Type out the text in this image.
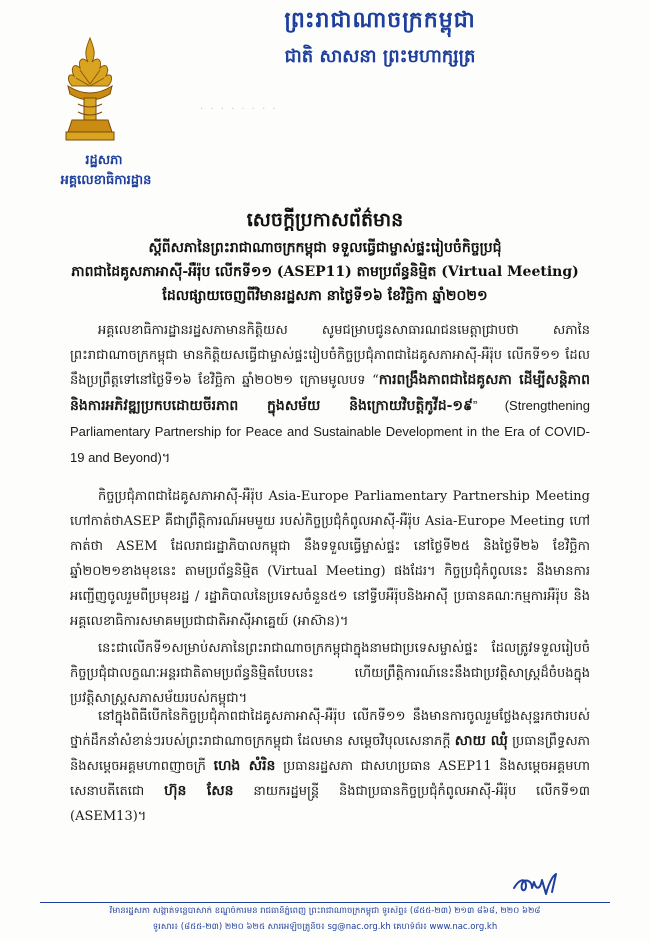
ព្រះរាជាណាចក្រកម្ពុជា
ជាតិ សាសនា ព្រះមហាក្សត្រ
· · · · · · · ·
រដ្ឋសភា
អគ្គលេខាធិការដ្ឋាន
សេចក្ដីប្រកាសព័ត៌មាន
ស្ដីពីសភានៃព្រះរាជាណាចក្រកម្ពុជា ទទួលធ្វើជាម្ចាស់ផ្ទះរៀបចំកិច្ចប្រជុំ
ភាពជាដៃគូសភាអាស៊ី-អឺរ៉ុប លើកទី១១ (ASEP11) តាមប្រព័ន្ធនិម្មិត (Virtual Meeting)
ដែលផ្សាយចេញពីវិមានរដ្ឋសភា នាថ្ងៃទី១៦ ខែវិច្ឆិកា ឆ្នាំ២០២១
អគ្គលេខាធិការដ្ឋានរដ្ឋសភាមានកិត្តិយស សូមជម្រាបជូនសាធារណជនមេត្តាជ្រាបថា សភានៃព្រះរាជាណាចក្រកម្ពុជា មានកិត្តិយសធ្វើជាម្ចាស់ផ្ទះរៀបចំកិច្ចប្រជុំភាពជាដៃគូសភាអាស៊ី-អឺរ៉ុប លើកទី១១ ដែលនឹងប្រព្រឹត្តទៅនៅថ្ងៃទី១៦ ខែវិច្ឆិកា ឆ្នាំ២០២១ ក្រោមមូលបទ “ការពង្រឹងភាពជាដៃគូសភា ដើម្បីសន្តិភាព និងការអភិវឌ្ឍប្រកបដោយចីរភាព ក្នុងសម័យ និងក្រោយវិបត្តិកូវីដ-១៩” (Strengthening Parliamentary Partnership for Peace and Sustainable Development in the Era of COVID-19 and Beyond)។
កិច្ចប្រជុំភាពជាដៃគូសភាអាស៊ី-អឺរ៉ុប Asia-Europe Parliamentary Partnership Meeting ហៅកាត់ថាASEP គឺជាព្រឹត្តិការណ៍អមមួយ របស់កិច្ចប្រជុំកំពូលអាស៊ី-អឺរ៉ុប Asia-Europe Meeting ហៅកាត់ថា ASEM ដែលរាជរដ្ឋាភិបាលកម្ពុជា នឹងទទួលធ្វើម្ចាស់ផ្ទះ នៅថ្ងៃទី២៥ និងថ្ងៃទី២៦ ខែវិច្ឆិកា ឆ្នាំ២០២១ខាងមុខនេះ តាមប្រព័ន្ធនិម្មិត (Virtual Meeting) ផងដែរ។ កិច្ចប្រជុំកំពូលនេះ នឹងមានការអញ្ជើញចូលរួមពីប្រមុខរដ្ឋ / រដ្ឋាភិបាលនៃប្រទេសចំនួន៥១ នៅទ្វីបអឺរ៉ុបនិងអាស៊ី ប្រធានគណៈកម្មការអឺរ៉ុប និងអគ្គលេខាធិការសមាគមប្រជាជាតិអាស៊ីអាគ្នេយ៍ (អាស៊ាន)។
នេះជាលើកទី១សម្រាប់សភានៃព្រះរាជាណាចក្រកម្ពុជាក្នុងនាមជាប្រទេសម្ចាស់ផ្ទះ ដែលត្រូវទទួលរៀបចំកិច្ចប្រជុំជាលក្ខណៈអន្តរជាតិតាមប្រព័ន្ធនិម្មិតបែបនេះ ហើយព្រឹត្តិការណ៍នេះនឹងជាប្រវត្តិសាស្ត្រដ៏ចំបងក្នុងប្រវត្តិសាស្ត្រសភាសម័យរបស់កម្ពុជា។
នៅក្នុងពិធីបើកនៃកិច្ចប្រជុំភាពជាដៃគូសភាអាស៊ី-អឺរ៉ុប លើកទី១១ នឹងមានការចូលរួមថ្លែងសុន្ទរកថារបស់ថ្នាក់ដឹកនាំសំខាន់ៗរបស់ព្រះរាជាណាចក្រកម្ពុជា ដែលមាន សម្តេចវិបុលសេនាភក្ដី សាយ ឈុំ ប្រធានព្រឹទ្ធសភា និងសម្តេចអគ្គមហាពញាចក្រី ហេង សំរិន ប្រធានរដ្ឋសភា ជាសហប្រធាន ASEP11 និងសម្តេចអគ្គមហាសេនាបតីតេជោ ហ៊ុន សែន នាយករដ្ឋមន្ត្រី និងជាប្រធានកិច្ចប្រជុំកំពូលអាស៊ី-អឺរ៉ុប លើកទី១៣ (ASEM13)។
វិមានរដ្ឋសភា សង្កាត់ទន្លេបាសាក់ ខណ្ឌចំការមន រាជធានីភ្នំពេញ ព្រះរាជាណាចក្រកម្ពុជា ទូរស័ព្ទ៖ (៨៥៥-២៣) ២១៣ ៨៦៨, ២២០ ៦២៨
ទូរសារ៖ (៨៥៥-២៣) ២២០ ៦២៥ សារអេឡិចត្រូនិច៖ sg@nac.org.kh គេហទំព័រ៖ www.nac.org.kh
